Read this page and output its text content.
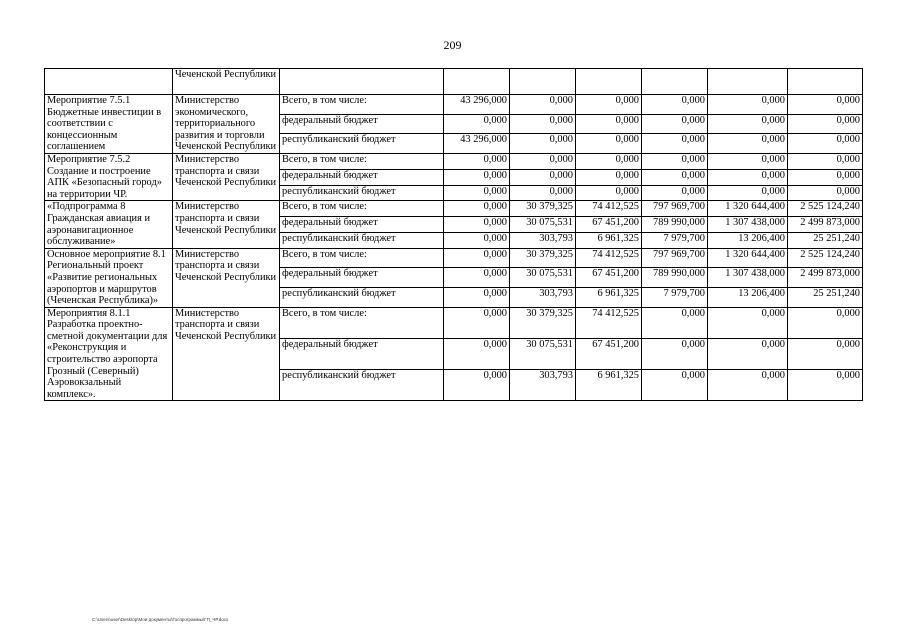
209
	Чеченской Республики							
Мероприятие 7.5.1 Бюджетные инвестиции в соответствии с концессионным соглашением	Министерство экономического, территориального развития и торговли Чеченской Республики	Всего, в том числе:	43 296,000	0,000	0,000	0,000	0,000	0,000
		федеральный бюджет	0,000	0,000	0,000	0,000	0,000	0,000
		республиканский бюджет	43 296,000	0,000	0,000	0,000	0,000	0,000
Мероприятие 7.5.2 Создание и построение АПК «Безопасный город» на территории ЧР.	Министерство транспорта и связи Чеченской Республики	Всего, в том числе:	0,000	0,000	0,000	0,000	0,000	0,000
		федеральный бюджет	0,000	0,000	0,000	0,000	0,000	0,000
		республиканский бюджет	0,000	0,000	0,000	0,000	0,000	0,000
«Подпрограмма 8 Гражданская авиация и аэронавигационное обслуживание»	Министерство транспорта и связи Чеченской Республики	Всего, в том числе:	0,000	30 379,325	74 412,525	797 969,700	1 320 644,400	2 525 124,240
		федеральный бюджет	0,000	30 075,531	67 451,200	789 990,000	1 307 438,000	2 499 873,000
		республиканский бюджет	0,000	303,793	6 961,325	7 979,700	13 206,400	25 251,240
Основное мероприятие 8.1 Региональный проект «Развитие региональных аэропортов и маршрутов (Чеченская Республика)»	Министерство транспорта и связи Чеченской Республики	Всего, в том числе:	0,000	30 379,325	74 412,525	797 969,700	1 320 644,400	2 525 124,240
		федеральный бюджет	0,000	30 075,531	67 451,200	789 990,000	1 307 438,000	2 499 873,000
		республиканский бюджет	0,000	303,793	6 961,325	7 979,700	13 206,400	25 251,240
Мероприятия 8.1.1 Разработка проектно-сметной документации для «Реконструкция и строительство аэропорта Грозный (Северный) Аэровокзальный комплекс».	Министерство транспорта и связи Чеченской Республики	Всего, в том числе:	0,000	30 379,325	74 412,525	0,000	0,000	0,000
		федеральный бюджет	0,000	30 075,531	67 451,200	0,000	0,000	0,000
		республиканский бюджет	0,000	303,793	6 961,325	0,000	0,000	0,000
C:\Users\user\Desktop\Мои документы\Госпрограммы\ГП_ЧР.docx
